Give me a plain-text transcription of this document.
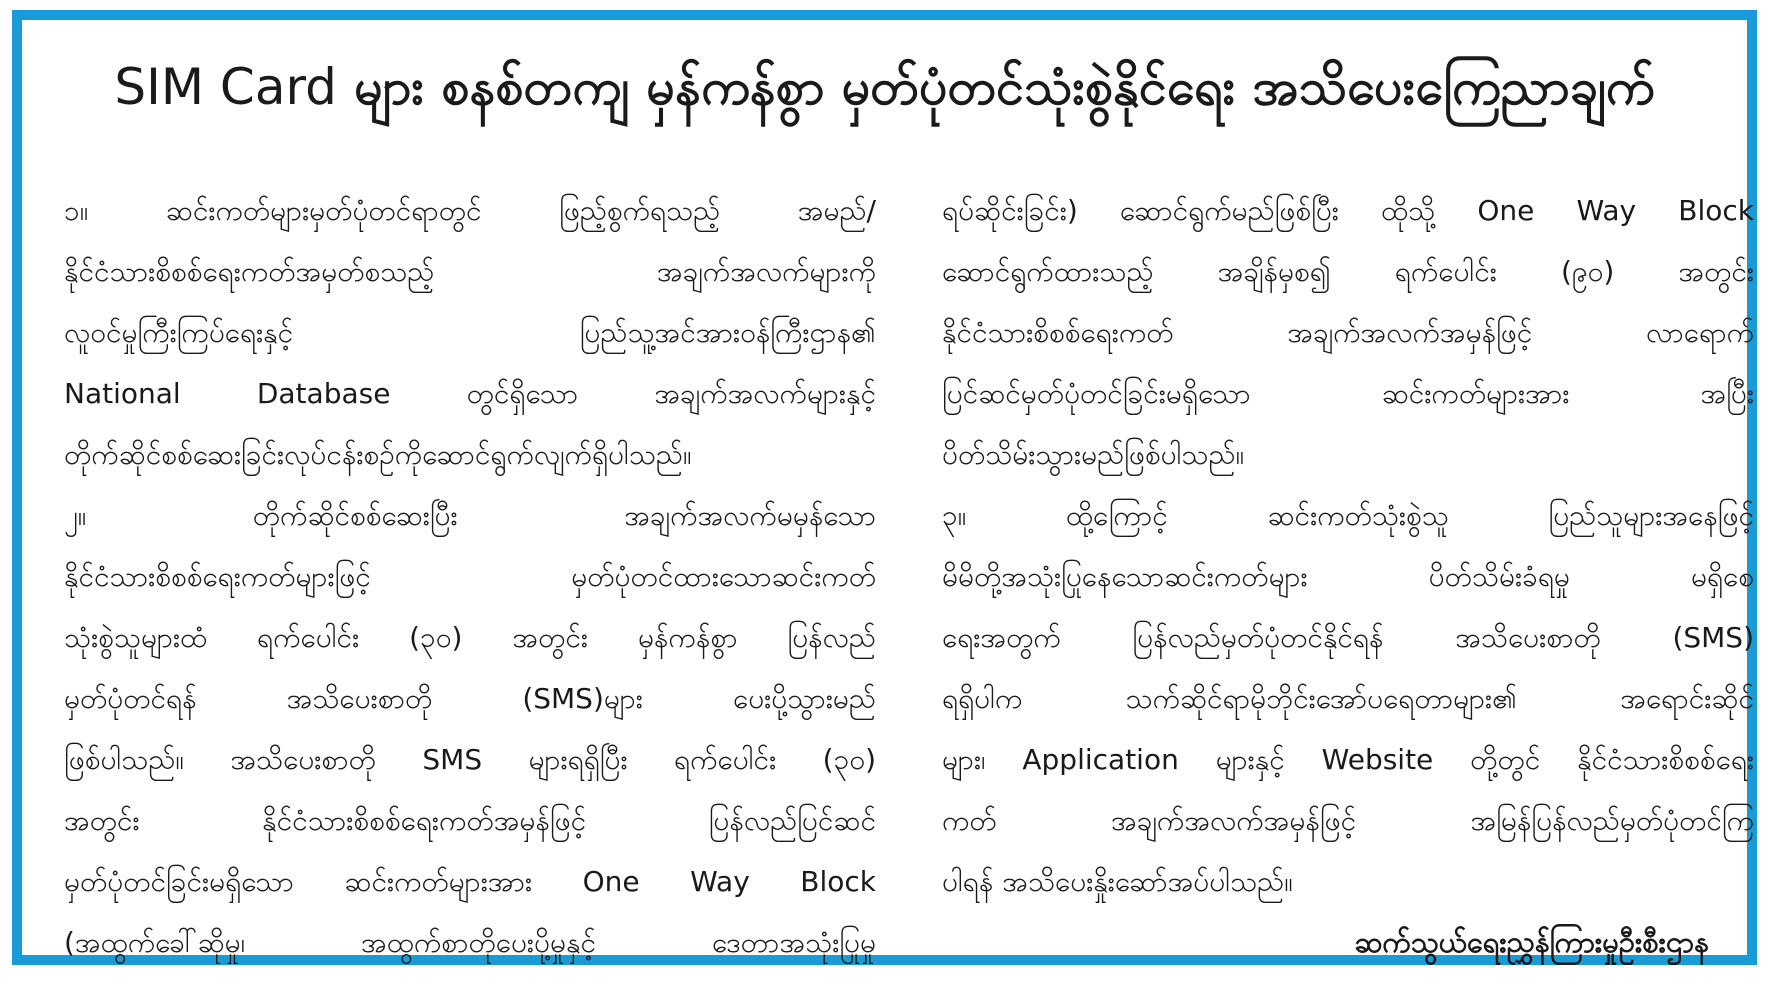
SIM Card များ စနစ်တကျ မှန်ကန်စွာ မှတ်ပုံတင်သုံးစွဲနိုင်ရေး အသိပေးကြေညာချက်
၁။ ဆင်းကတ်များမှတ်ပုံတင်ရာတွင် ဖြည့်စွက်ရသည့် အမည်/
နိုင်ငံသားစိစစ်ရေးကတ်အမှတ်စသည့် အချက်အလက်များကို
လူဝင်မှုကြီးကြပ်ရေးနှင့် ပြည်သူ့အင်အားဝန်ကြီးဌာန၏
National Database တွင်ရှိသော အချက်အလက်များနှင့်
တိုက်ဆိုင်စစ်ဆေးခြင်းလုပ်ငန်းစဉ်ကိုဆောင်ရွက်လျက်ရှိပါသည်။
၂။ တိုက်ဆိုင်စစ်ဆေးပြီး အချက်အလက်မမှန်သော
နိုင်ငံသားစိစစ်ရေးကတ်များဖြင့် မှတ်ပုံတင်ထားသောဆင်းကတ်
သုံးစွဲသူများထံ ရက်ပေါင်း (၃၀) အတွင်း မှန်ကန်စွာ ပြန်လည်
မှတ်ပုံတင်ရန် အသိပေးစာတို (SMS)များ ပေးပို့သွားမည်
ဖြစ်ပါသည်။ အသိပေးစာတို SMS များရရှိပြီး ရက်ပေါင်း (၃၀)
အတွင်း နိုင်ငံသားစိစစ်ရေးကတ်အမှန်ဖြင့် ပြန်လည်ပြင်ဆင်
မှတ်ပုံတင်ခြင်းမရှိသော ဆင်းကတ်များအား One Way Block
(အထွက်ခေါ်ဆိုမှု၊ အထွက်စာတိုပေးပို့မှုနှင့် ဒေတာအသုံးပြုမှု
ရပ်ဆိုင်းခြင်း) ဆောင်ရွက်မည်ဖြစ်ပြီး ထိုသို့ One Way Block
ဆောင်ရွက်ထားသည့် အချိန်မှစ၍ ရက်ပေါင်း (၉၀) အတွင်း
နိုင်ငံသားစိစစ်ရေးကတ် အချက်အလက်အမှန်ဖြင့် လာရောက်
ပြင်ဆင်မှတ်ပုံတင်ခြင်းမရှိသော ဆင်းကတ်များအား အပြီး
ပိတ်သိမ်းသွားမည်ဖြစ်ပါသည်။
၃။ ထို့ကြောင့် ဆင်းကတ်သုံးစွဲသူ ပြည်သူများအနေဖြင့်
မိမိတို့အသုံးပြုနေသောဆင်းကတ်များ ပိတ်သိမ်းခံရမှု မရှိစေ
ရေးအတွက် ပြန်လည်မှတ်ပုံတင်နိုင်ရန် အသိပေးစာတို (SMS)
ရရှိပါက သက်ဆိုင်ရာမိုဘိုင်းအော်ပရေတာများ၏ အရောင်းဆိုင်
များ၊ Application များနှင့် Website တို့တွင် နိုင်ငံသားစိစစ်ရေး
ကတ် အချက်အလက်အမှန်ဖြင့် အမြန်ပြန်လည်မှတ်ပုံတင်ကြ
ပါရန် အသိပေးနှိုးဆော်အပ်ပါသည်။
ဆက်သွယ်ရေးညွှန်ကြားမှုဦးစီးဌာန
